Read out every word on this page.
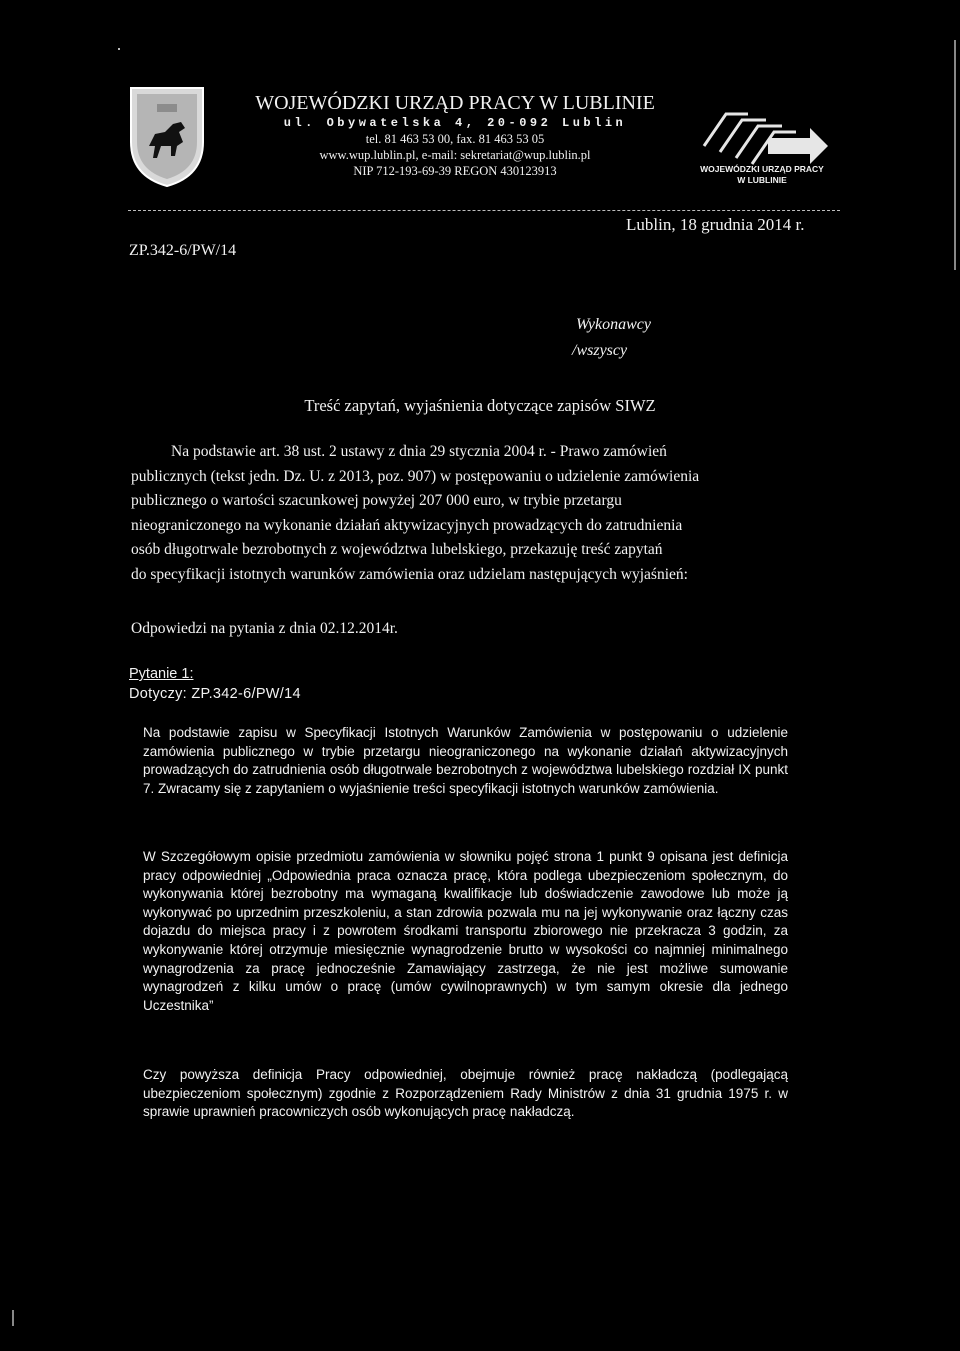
WOJEWÓDZKI URZĄD PRACY W LUBLINIE
ul. Obywatelska 4, 20-092 Lublin
tel. 81 463 53 00, fax. 81 463 53 05
www.wup.lublin.pl, e-mail: sekretariat@wup.lublin.pl
NIP 712-193-69-39 REGON 430123913	WOJEWÓDZKI URZĄD PRACY
W LUBLINIE
ZP.342-6/PW/14
Lublin, 18 grudnia 2014 r.
Wykonawcy
/wszyscy
Treść zapytań, wyjaśnienia dotyczące zapisów SIWZ
Na podstawie art. 38 ust. 2 ustawy z dnia 29 stycznia 2004 r. - Prawo zamówień
publicznych (tekst jedn. Dz. U. z 2013, poz. 907) w postępowaniu o udzielenie zamówienia
publicznego o wartości szacunkowej powyżej 207 000 euro, w trybie przetargu
nieograniczonego na wykonanie działań aktywizacyjnych prowadzących do zatrudnienia
osób długotrwale bezrobotnych z województwa lubelskiego, przekazuję treść zapytań
do specyfikacji istotnych warunków zamówienia oraz udzielam następujących wyjaśnień:
Odpowiedzi na pytania z dnia 02.12.2014r.
Pytanie 1:
Dotyczy: ZP.342-6/PW/14

Na podstawie zapisu w Specyfikacji Istotnych Warunków Zamówienia w postępowaniu o udzielenie zamówienia publicznego w trybie przetargu nieograniczonego na wykonanie działań aktywizacyjnych prowadzących do zatrudnienia osób długotrwale bezrobotnych z województwa lubelskiego rozdział IX punkt 7. Zwracamy się z zapytaniem o wyjaśnienie treści specyfikacji istotnych warunków zamówienia.

W Szczegółowym opisie przedmiotu zamówienia w słowniku pojęć strona 1 punkt 9 opisana jest definicja pracy odpowiedniej „Odpowiednia praca oznacza pracę, która podlega ubezpieczeniom społecznym, do wykonywania której bezrobotny ma wymaganą kwalifikacje lub doświadczenie zawodowe lub może ją wykonywać po uprzednim przeszkoleniu, a stan zdrowia pozwala mu na jej wykonywanie oraz łączny czas dojazdu do miejsca pracy i z powrotem środkami transportu zbiorowego nie przekracza 3 godzin, za wykonywanie której otrzymuje miesięcznie wynagrodzenie brutto w wysokości co najmniej minimalnego wynagrodzenia za pracę jednocześnie Zamawiający zastrzega, że nie jest możliwe sumowanie wynagrodzeń z kilku umów o pracę (umów cywilnoprawnych) w tym samym okresie dla jednego Uczestnika”

Czy powyższa definicja Pracy odpowiedniej, obejmuje również pracę nakładczą (podlegającą ubezpieczeniom społecznym) zgodnie z Rozporządzeniem Rady Ministrów z dnia 31 grudnia 1975 r. w sprawie uprawnień pracowniczych osób wykonujących pracę nakładczą.
